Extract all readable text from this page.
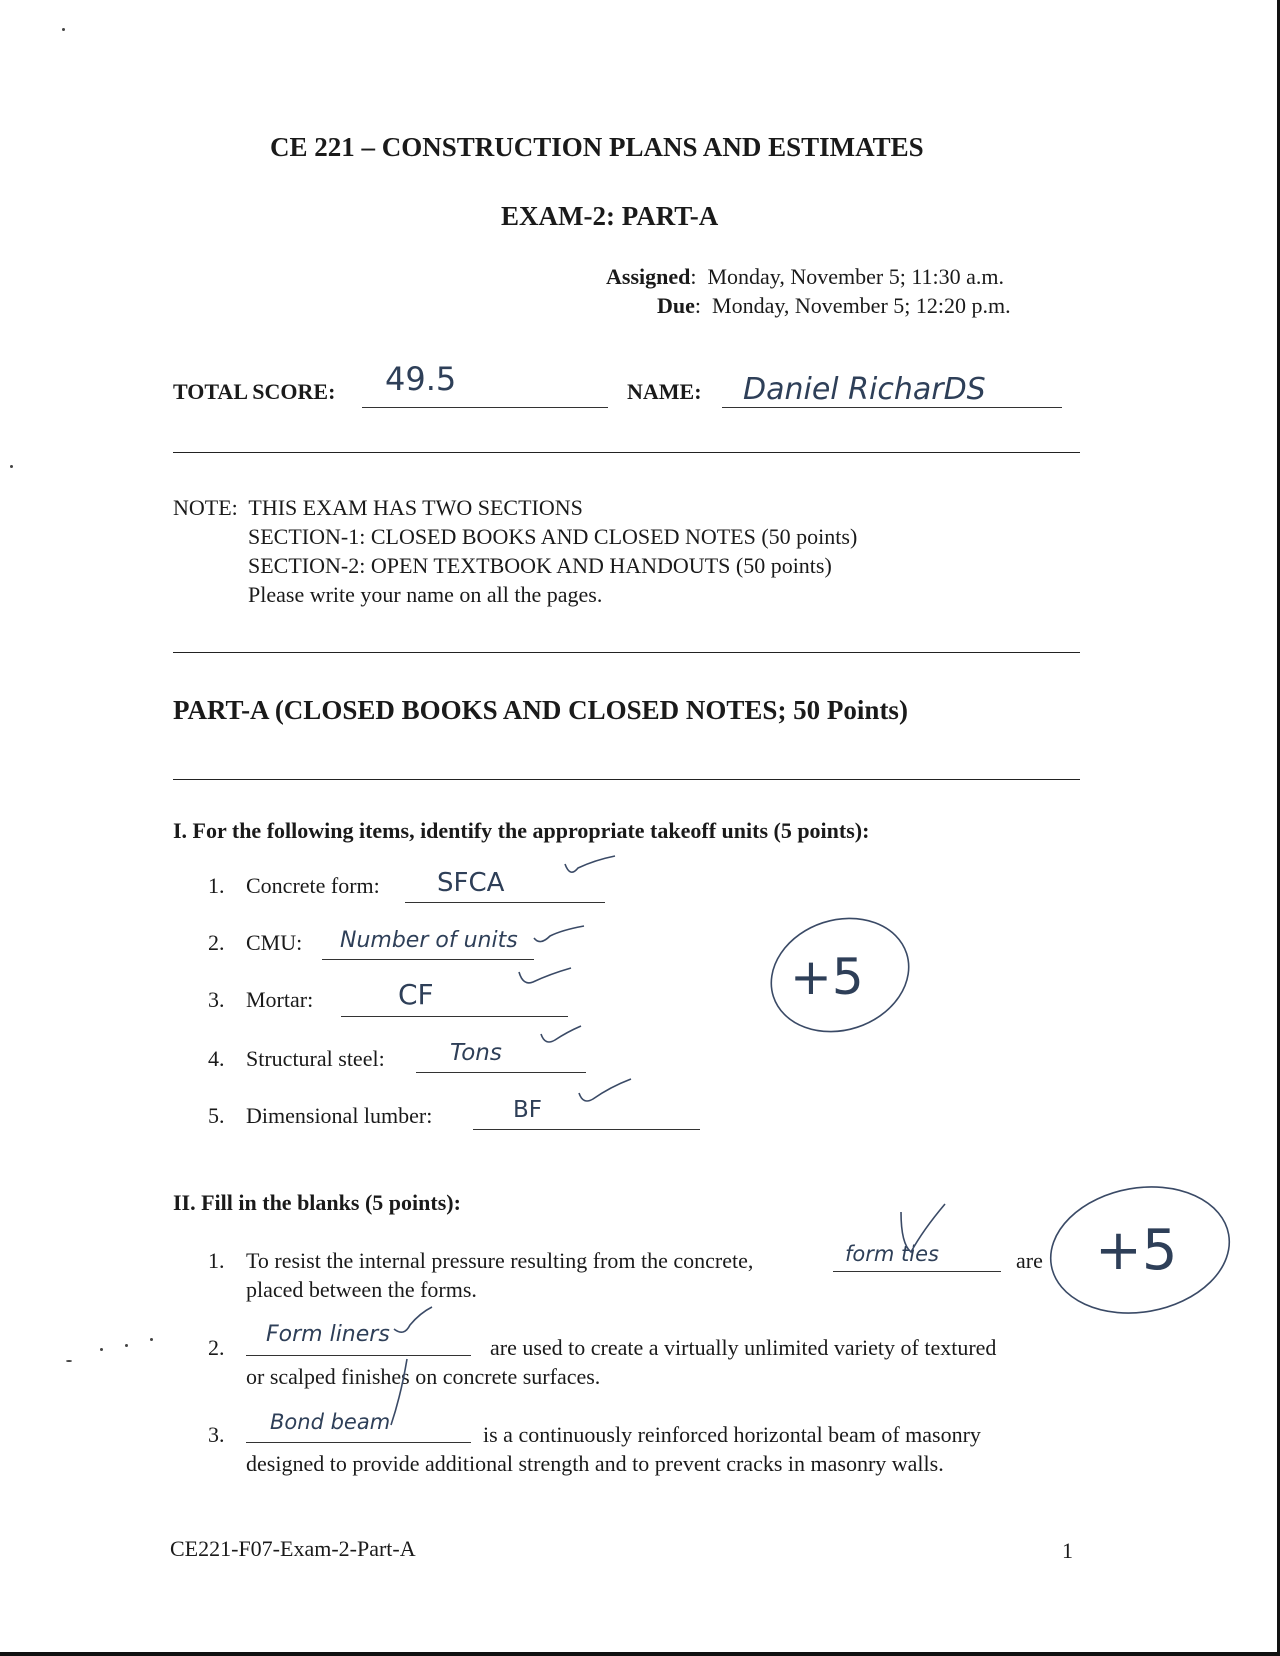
CE 221 – CONSTRUCTION PLANS AND ESTIMATES
EXAM-2: PART-A
Assigned:  Monday, November 5; 11:30 a.m.
Due:  Monday, November 5; 12:20 p.m.
TOTAL SCORE: 49.5	NAME: Daniel RicharDS
NOTE:  THIS EXAM HAS TWO SECTIONS
SECTION-1: CLOSED BOOKS AND CLOSED NOTES (50 points)
SECTION-2: OPEN TEXTBOOK AND HANDOUTS (50 points)
Please write your name on all the pages.
PART-A (CLOSED BOOKS AND CLOSED NOTES; 50 Points)
I. For the following items, identify the appropriate takeoff units (5 points):
1. Concrete form: SFCA
2. CMU: Number of units
3. Mortar:	CF
4. Structural steel:	Tons
5. Dimensional lumber:	BF
+5
II. Fill in the blanks (5 points):
1. To resist the internal pressure resulting from the concrete,	form ties	are
placed between the forms.
2.
Form liners
are used to create a virtually unlimited variety of textured
or scalped finishes on concrete surfaces.
3.	Bond beam	is a continuously reinforced horizontal beam of masonry
designed to provide additional strength and to prevent cracks in masonry walls.
+5
CE221-F07-Exam-2-Part-A	1
